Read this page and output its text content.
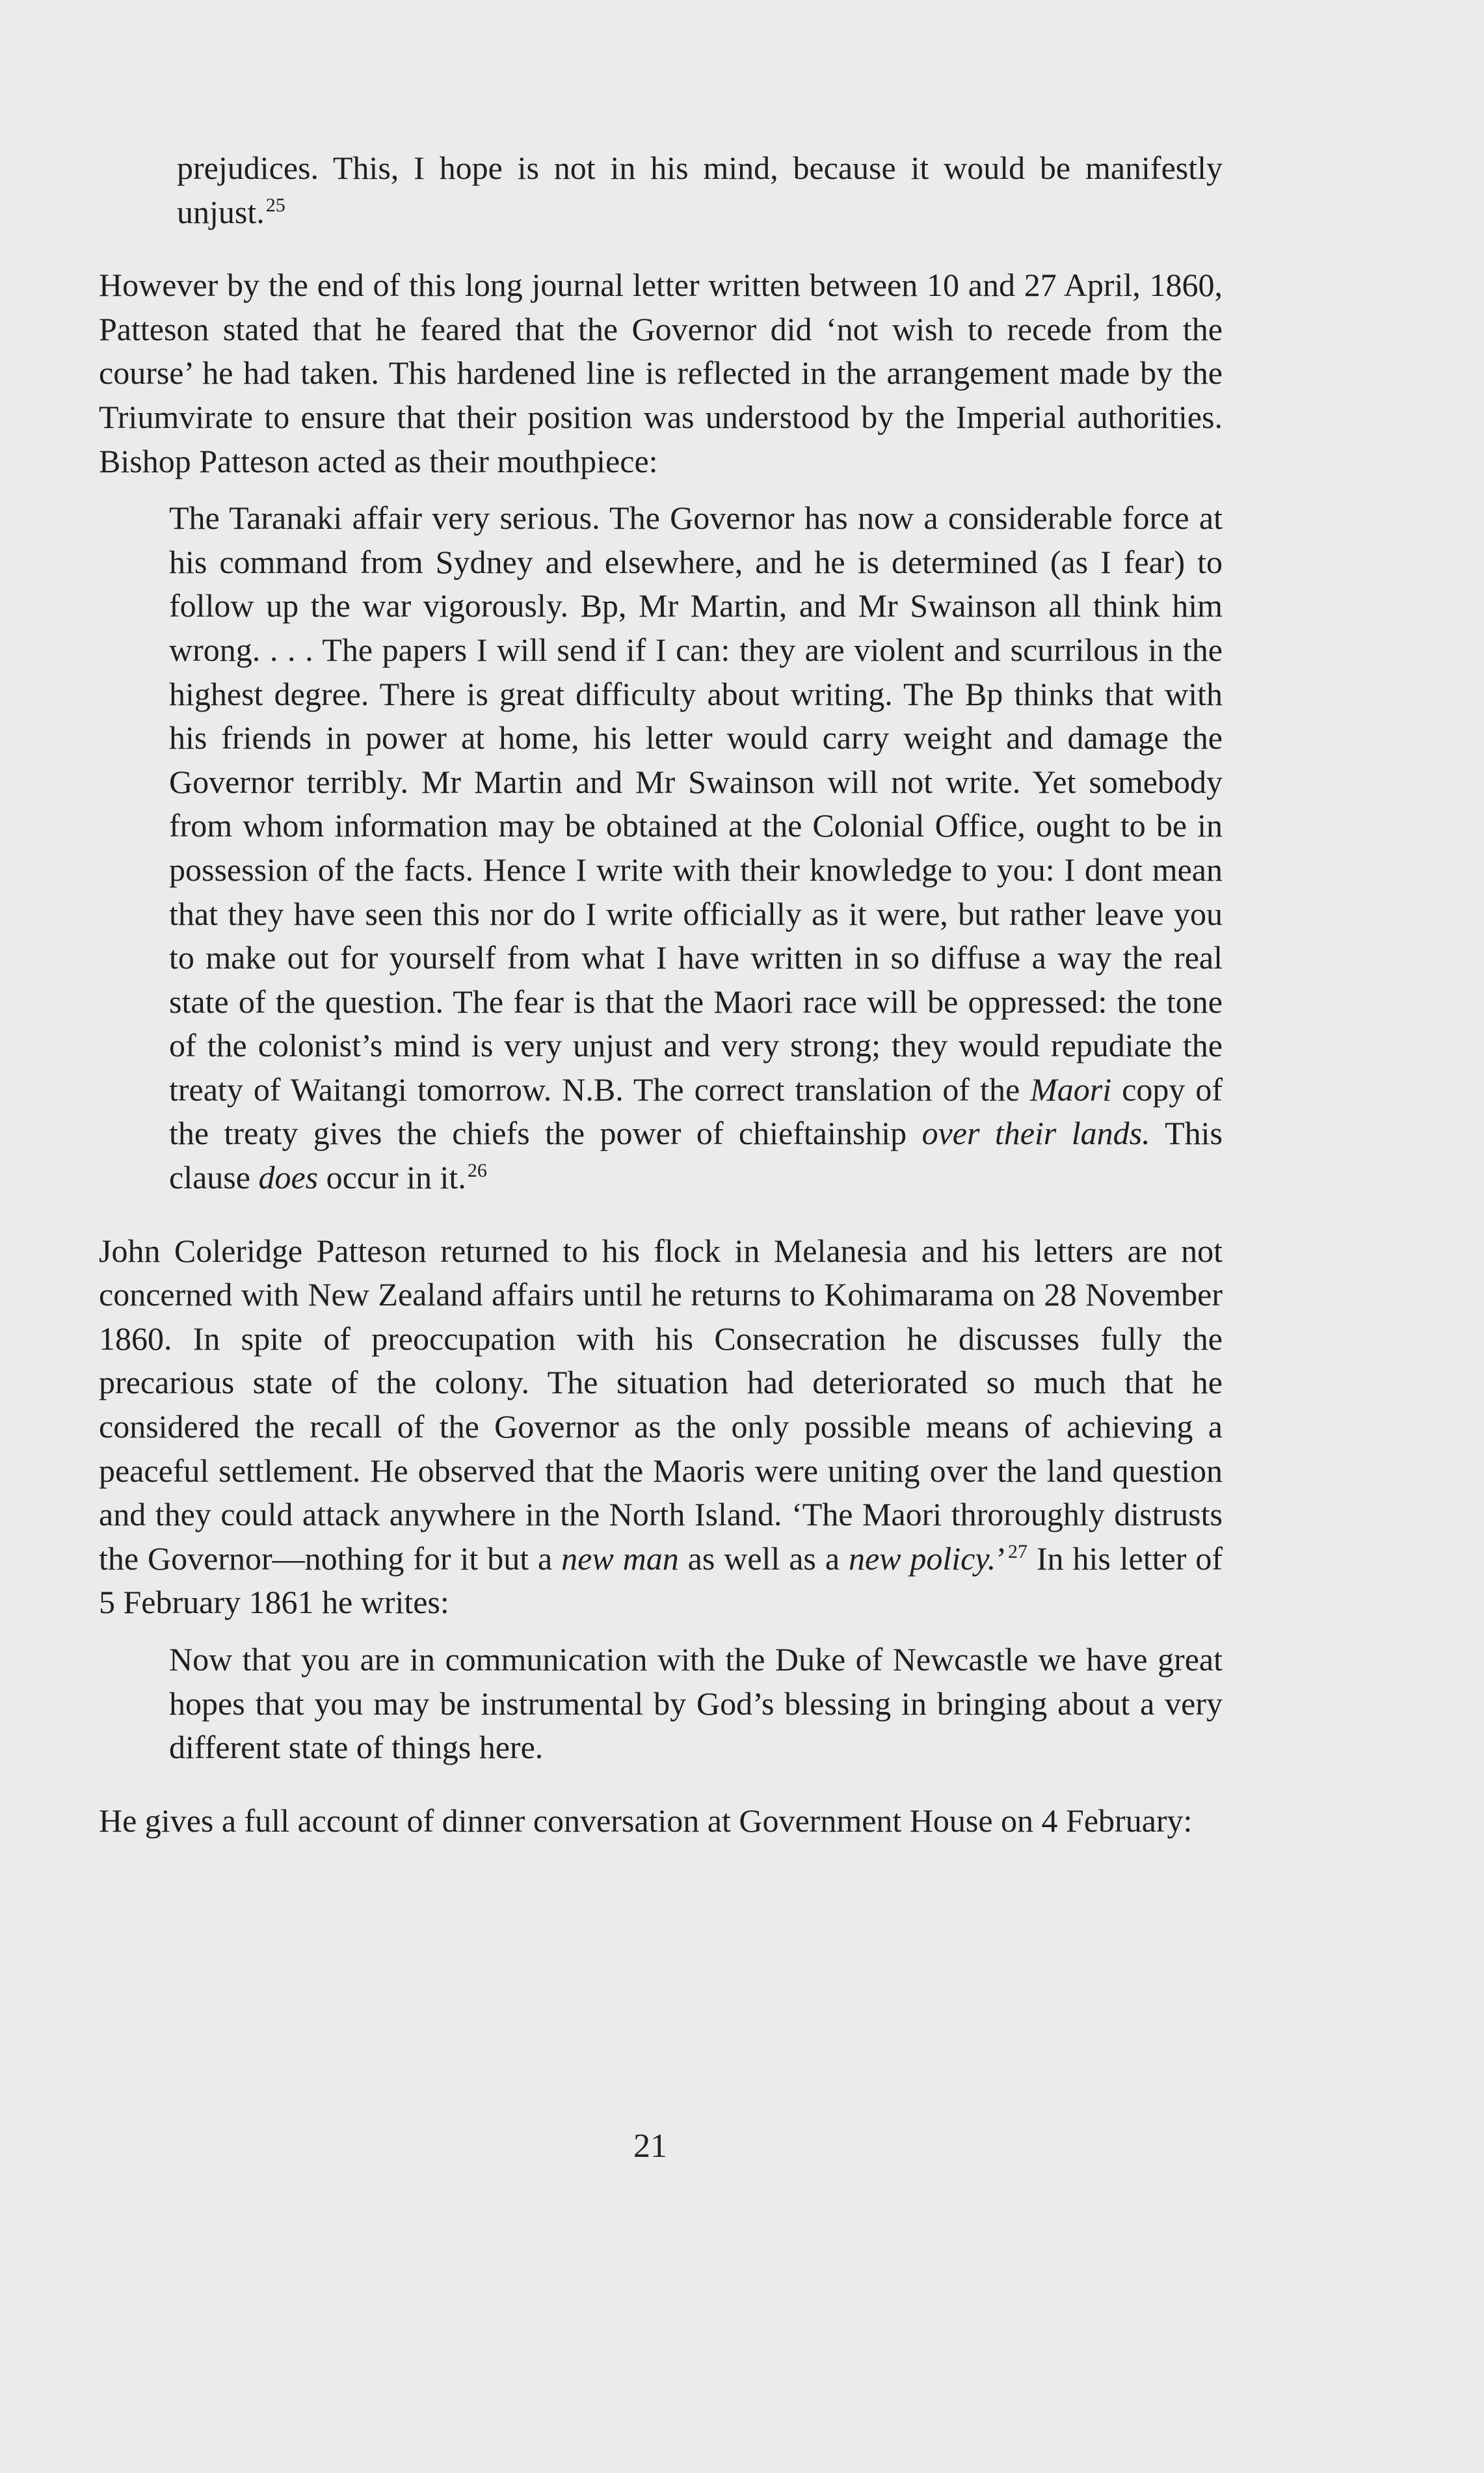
prejudices. This, I hope is not in his mind, because it would be manifestly unjust.$^{25}$

However by the end of this long journal letter written between 10 and 27 April, 1860, Patteson stated that he feared that the Governor did ‘not wish to recede from the course’ he had taken. This hardened line is reflected in the arrangement made by the Triumvirate to ensure that their position was understood by the Imperial authorities. Bishop Patteson acted as their mouthpiece:

The Taranaki affair very serious. The Governor has now a considerable force at his command from Sydney and elsewhere, and he is determined (as I fear) to follow up the war vigorously. Bp, Mr Martin, and Mr Swainson all think him wrong. . . . The papers I will send if I can: they are violent and scurrilous in the highest degree. There is great difficulty about writing. The Bp thinks that with his friends in power at home, his letter would carry weight and damage the Governor terribly. Mr Martin and Mr Swainson will not write. Yet somebody from whom information may be obtained at the Colonial Office, ought to be in possession of the facts. Hence I write with their knowledge to you: I dont mean that they have seen this nor do I write officially as it were, but rather leave you to make out for yourself from what I have written in so diffuse a way the real state of the question. The fear is that the Maori race will be oppressed: the tone of the colonist’s mind is very unjust and very strong; they would repudiate the treaty of Waitangi tomorrow. N.B. The correct translation of the Maori copy of the treaty gives the chiefs the power of chieftainship over their lands. This clause does occur in it.$^{26}$

John Coleridge Patteson returned to his flock in Melanesia and his letters are not concerned with New Zealand affairs until he returns to Kohimarama on 28 November 1860. In spite of preoccupation with his Consecration he discusses fully the precarious state of the colony. The situation had deteriorated so much that he considered the recall of the Governor as the only possible means of achieving a peaceful settlement. He observed that the Maoris were uniting over the land question and they could attack anywhere in the North Island. ‘The Maori throroughly distrusts the Governor—nothing for it but a new man as well as a new policy.’$^{27}$ In his letter of 5 February 1861 he writes:

Now that you are in communication with the Duke of Newcastle we have great hopes that you may be instrumental by God’s blessing in bringing about a very different state of things here.

He gives a full account of dinner conversation at Government House on 4 February:

21
